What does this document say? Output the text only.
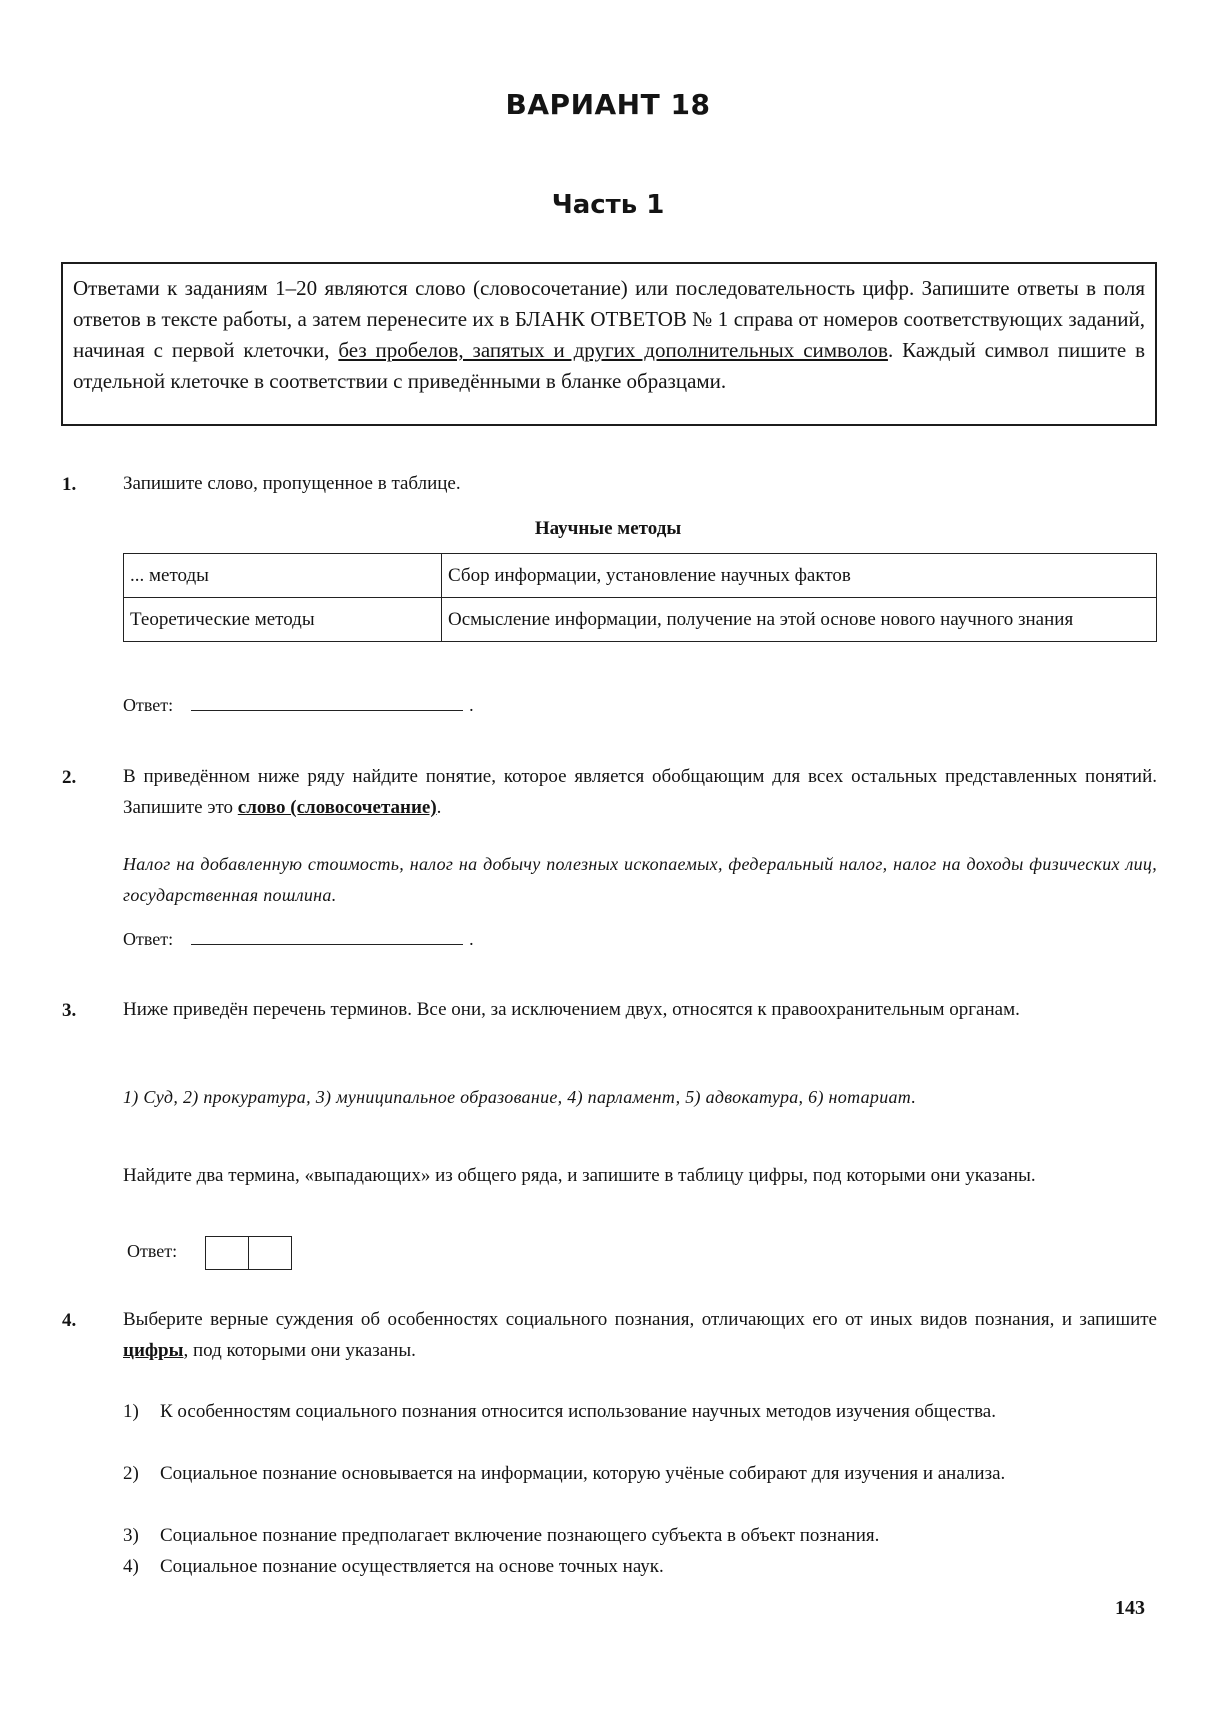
ВАРИАНТ 18
Часть 1
Ответами к заданиям 1–20 являются слово (словосочетание) или последовательность цифр. Запишите ответы в поля ответов в тексте работы, а затем перенесите их в БЛАНК ОТВЕТОВ № 1 справа от номеров соответствующих заданий, начиная с первой клеточки, без пробелов, запятых и других дополнительных символов. Каждый символ пишите в отдельной клеточке в соответствии с приведёнными в бланке образцами.
1. Запишите слово, пропущенное в таблице.
Научные методы
... методы	Сбор информации, установление научных фактов
Теоретические методы	Осмысление информации, получение на этой основе нового научного знания
Ответ:	.
2. В приведённом ниже ряду найдите понятие, которое является обобщающим для всех остальных представленных понятий. Запишите это слово (словосочетание).
Налог на добавленную стоимость, налог на добычу полезных ископаемых, федеральный налог, налог на доходы физических лиц, государственная пошлина.
Ответ:	.
3. Ниже приведён перечень терминов. Все они, за исключением двух, относятся к правоохранительным органам.
1) Суд, 2) прокуратура, 3) муниципальное образование, 4) парламент, 5) адвокатура, 6) нотариат.
Найдите два термина, «выпадающих» из общего ряда, и запишите в таблицу цифры, под которыми они указаны.
Ответ:
4. Выберите верные суждения об особенностях социального познания, отличающих его от иных видов познания, и запишите цифры, под которыми они указаны.
1) К особенностям социального познания относится использование научных методов изучения общества.
2) Социальное познание основывается на информации, которую учёные собирают для изучения и анализа.
3) Социальное познание предполагает включение познающего субъекта в объект познания.
4) Социальное познание осуществляется на основе точных наук.
143
